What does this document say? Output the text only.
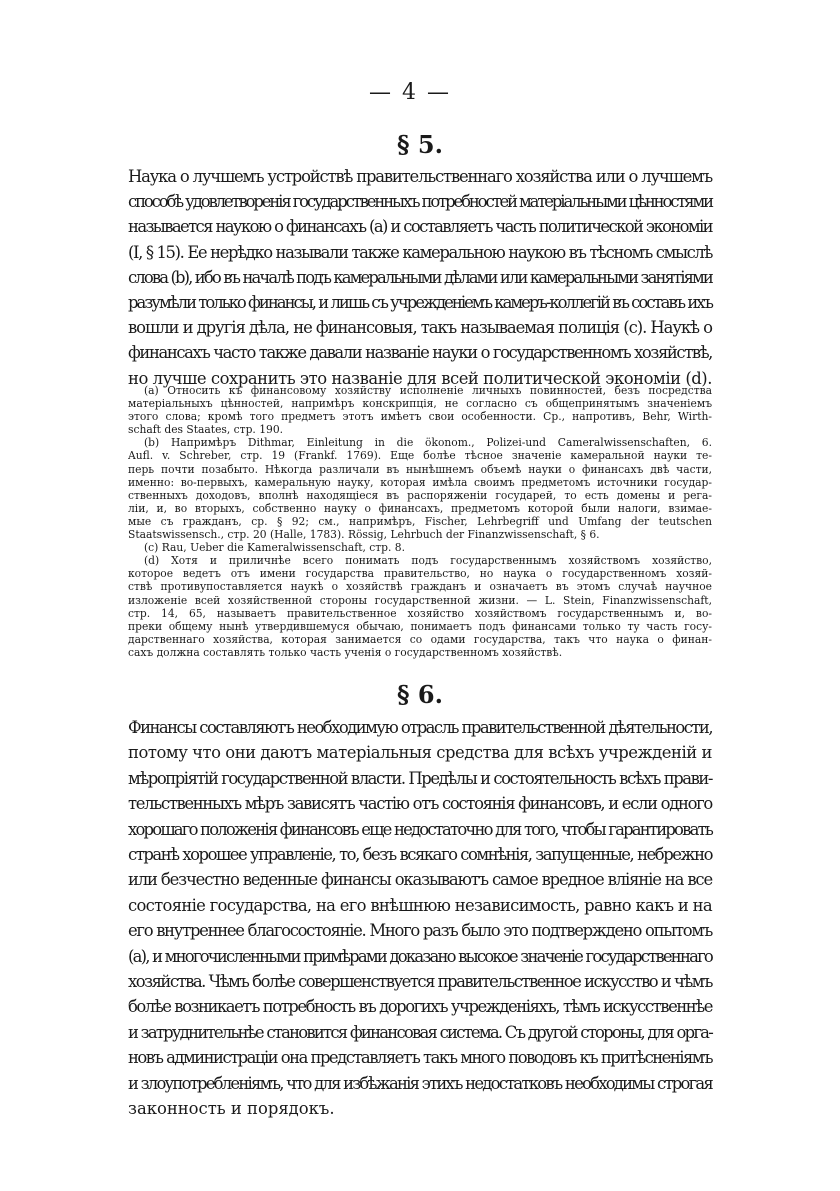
— 4 —
§ 5.
Наука о лучшемъ устройствѣ правительственнаго хозяйства или о лучшемъ
способѣ удовлетворенія государственныхъ потребностей матеріальными цѣнностями
называется наукою о финансахъ (а) и составляетъ часть политической экономіи
(I, § 15). Ее нерѣдко называли также камеральною наукою въ тѣсномъ смыслѣ
слова (b), ибо въ началѣ подъ камеральными дѣлами или камеральными занятіями
разумѣли только финансы, и лишь съ учрежденіемъ камеръ-коллегій въ составъ ихъ
вошли и другія дѣла, не финансовыя, такъ называемая полиція (с). Наукѣ о
финансахъ часто также давали названіе науки о государственномъ хозяйствѣ,
но лучше сохранить это названіе для всей политической экономіи (d).
(a) Относить къ финансовому хозяйству исполненіе личныхъ повинностей, безъ посредства
матеріальныхъ цѣнностей, напримѣръ конскрипція, не согласно съ общепринятымъ значеніемъ
этого слова; кромѣ того предметъ этотъ имѣетъ свои особенности. Ср., напротивъ, Behr, Wirth-
schaft des Staates, стр. 190.
(b) Напримѣръ Dithmar, Einleitung in die ökonom., Polizei-und Cameralwissenschaften, 6.
Aufl. v. Schreber, стр. 19 (Frankf. 1769). Еще болѣе тѣсное значеніе камеральной науки те-
перь почти позабыто. Нѣкогда различали въ нынѣшнемъ объемѣ науки о финансахъ двѣ части,
именно: во-первыхъ, камеральную науку, которая имѣла своимъ предметомъ источники государ-
ственныхъ доходовъ, вполнѣ находящіеся въ распоряженіи государей, то есть домены и рега-
ліи, и, во вторыхъ, собственно науку о финансахъ, предметомъ которой были налоги, взимае-
мые съ гражданъ, ср. § 92; см., напримѣръ, Fischer, Lehrbegriff und Umfang der teutschen
Staatswissensch., стр. 20 (Halle, 1783). Rössig, Lehrbuch der Finanzwissenschaft, § 6.
(c) Rau, Ueber die Kameralwissenschaft, стр. 8.
(d) Хотя и приличнѣе всего понимать подъ государственнымъ хозяйствомъ хозяйство,
которое ведетъ отъ имени государства правительство, но наука о государственномъ хозяй-
ствѣ противупоставляется наукѣ о хозяйствѣ гражданъ и означаетъ въ этомъ случаѣ научное
изложеніе всей хозяйственной стороны государственной жизни. — L. Stein, Finanzwissenschaft,
стр. 14, 65, называетъ правительственное хозяйство хозяйствомъ государственнымъ и, во-
преки общему нынѣ утвердившемуся обычаю, понимаетъ подъ финансами только ту часть госу-
дарственнаго хозяйства, которая занимается со одами государства, такъ что наука о финан-
сахъ должна составлять только часть ученія о государственномъ хозяйствѣ.
§ 6.
Финансы составляютъ необходимую отрасль правительственной дѣятельности,
потому что они даютъ матеріальныя средства для всѣхъ учрежденій и
мѣропріятій государственной власти. Предѣлы и состоятельность всѣхъ прави-
тельственныхъ мѣръ зависятъ частію отъ состоянія финансовъ, и если одного
хорошаго положенія финансовъ еще недостаточно для того, чтобы гарантировать
странѣ хорошее управленіе, то, безъ всякаго сомнѣнія, запущенные, небрежно
или безчестно веденные финансы оказываютъ самое вредное вліяніе на все
состояніе государства, на его внѣшнюю независимость, равно какъ и на
его внутреннее благосостояніе. Много разъ было это подтверждено опытомъ
(а), и многочисленными примѣрами доказано высокое значеніе государственнаго
хозяйства. Чѣмъ болѣе совершенствуется правительственное искусство и чѣмъ
болѣе возникаетъ потребность въ дорогихъ учрежденіяхъ, тѣмъ искусственнѣе
и затруднительнѣе становится финансовая система. Съ другой стороны, для орга-
новъ администраціи она представляетъ такъ много поводовъ къ притѣсненіямъ
и злоупотребленіямъ, что для избѣжанія этихъ недостатковъ необходимы строгая
законность и порядокъ.
